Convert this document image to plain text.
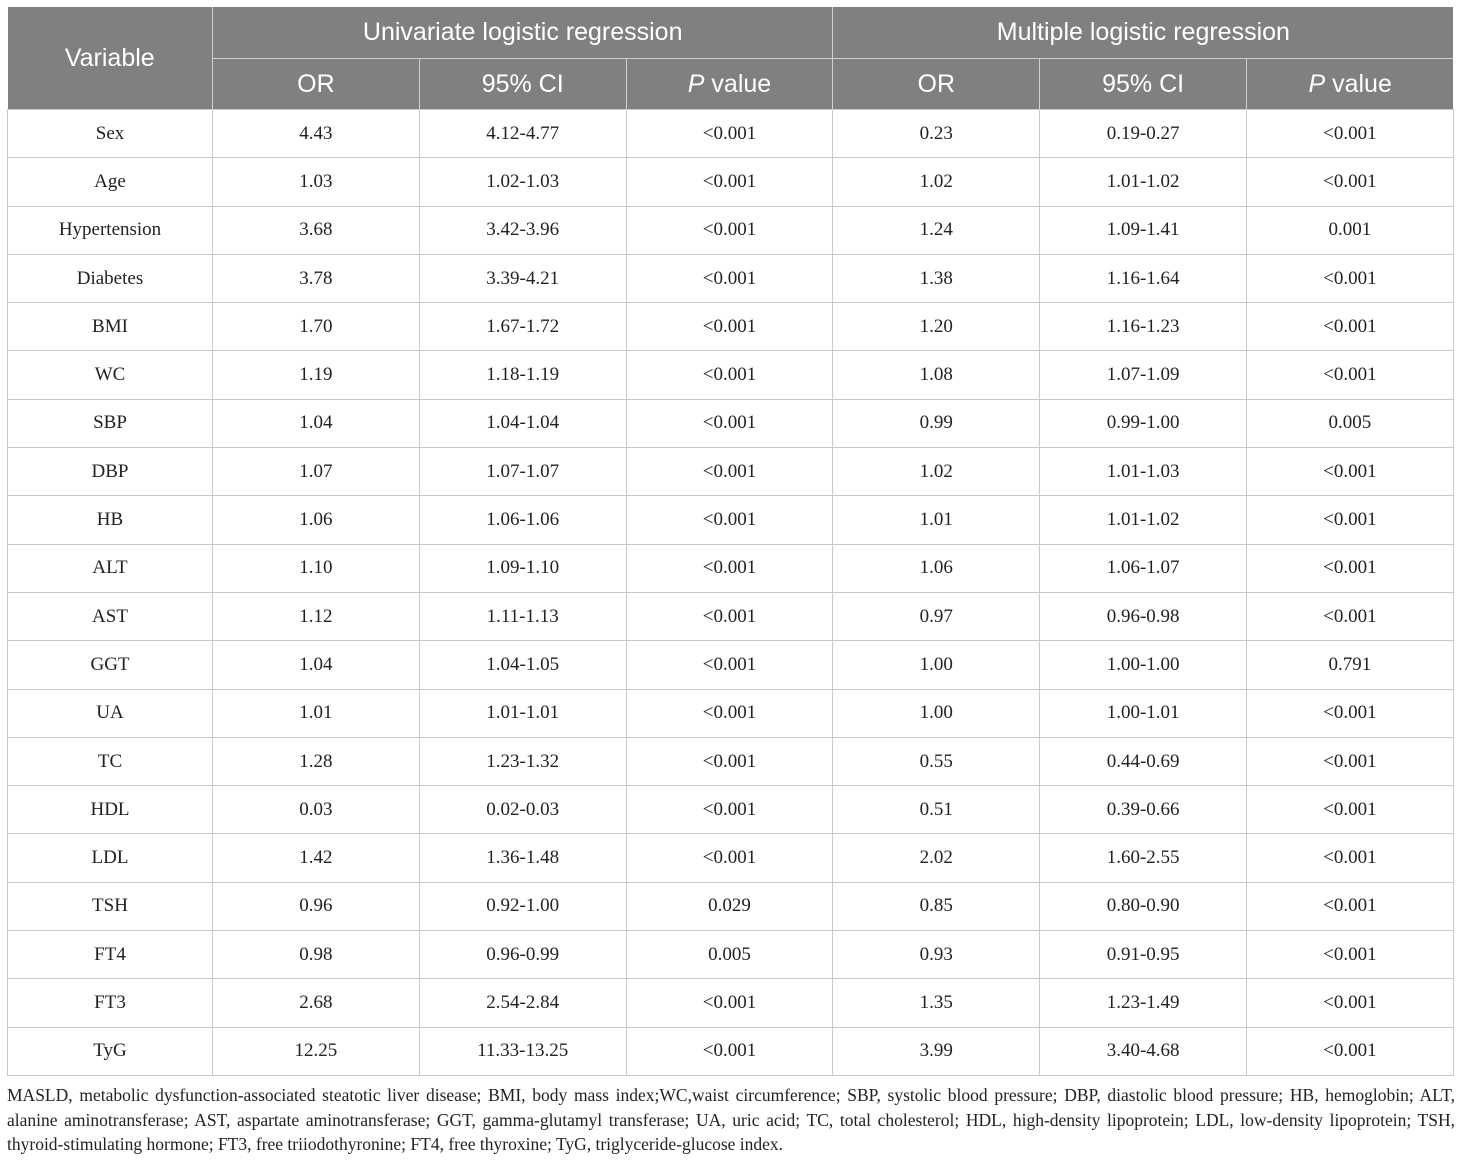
Variable	Univariate logistic regression			Multiple logistic regression		
	OR	95% CI	P value	OR	95% CI	P value
Sex	4.43	4.12-4.77	<0.001	0.23	0.19-0.27	<0.001
Age	1.03	1.02-1.03	<0.001	1.02	1.01-1.02	<0.001
Hypertension	3.68	3.42-3.96	<0.001	1.24	1.09-1.41	0.001
Diabetes	3.78	3.39-4.21	<0.001	1.38	1.16-1.64	<0.001
BMI	1.70	1.67-1.72	<0.001	1.20	1.16-1.23	<0.001
WC	1.19	1.18-1.19	<0.001	1.08	1.07-1.09	<0.001
SBP	1.04	1.04-1.04	<0.001	0.99	0.99-1.00	0.005
DBP	1.07	1.07-1.07	<0.001	1.02	1.01-1.03	<0.001
HB	1.06	1.06-1.06	<0.001	1.01	1.01-1.02	<0.001
ALT	1.10	1.09-1.10	<0.001	1.06	1.06-1.07	<0.001
AST	1.12	1.11-1.13	<0.001	0.97	0.96-0.98	<0.001
GGT	1.04	1.04-1.05	<0.001	1.00	1.00-1.00	0.791
UA	1.01	1.01-1.01	<0.001	1.00	1.00-1.01	<0.001
TC	1.28	1.23-1.32	<0.001	0.55	0.44-0.69	<0.001
HDL	0.03	0.02-0.03	<0.001	0.51	0.39-0.66	<0.001
LDL	1.42	1.36-1.48	<0.001	2.02	1.60-2.55	<0.001
TSH	0.96	0.92-1.00	0.029	0.85	0.80-0.90	<0.001
FT4	0.98	0.96-0.99	0.005	0.93	0.91-0.95	<0.001
FT3	2.68	2.54-2.84	<0.001	1.35	1.23-1.49	<0.001
TyG	12.25	11.33-13.25	<0.001	3.99	3.40-4.68	<0.001
MASLD, metabolic dysfunction-associated steatotic liver disease; BMI, body mass index;WC,waist circumference; SBP, systolic blood pressure; DBP, diastolic blood pressure; HB, hemoglobin; ALT, alanine aminotransferase; AST, aspartate aminotransferase; GGT, gamma-glutamyl transferase; UA, uric acid; TC, total cholesterol; HDL, high-density lipoprotein; LDL, low-density lipoprotein; TSH, thyroid-stimulating hormone; FT3, free triiodothyronine; FT4, free thyroxine; TyG, triglyceride-glucose index.
